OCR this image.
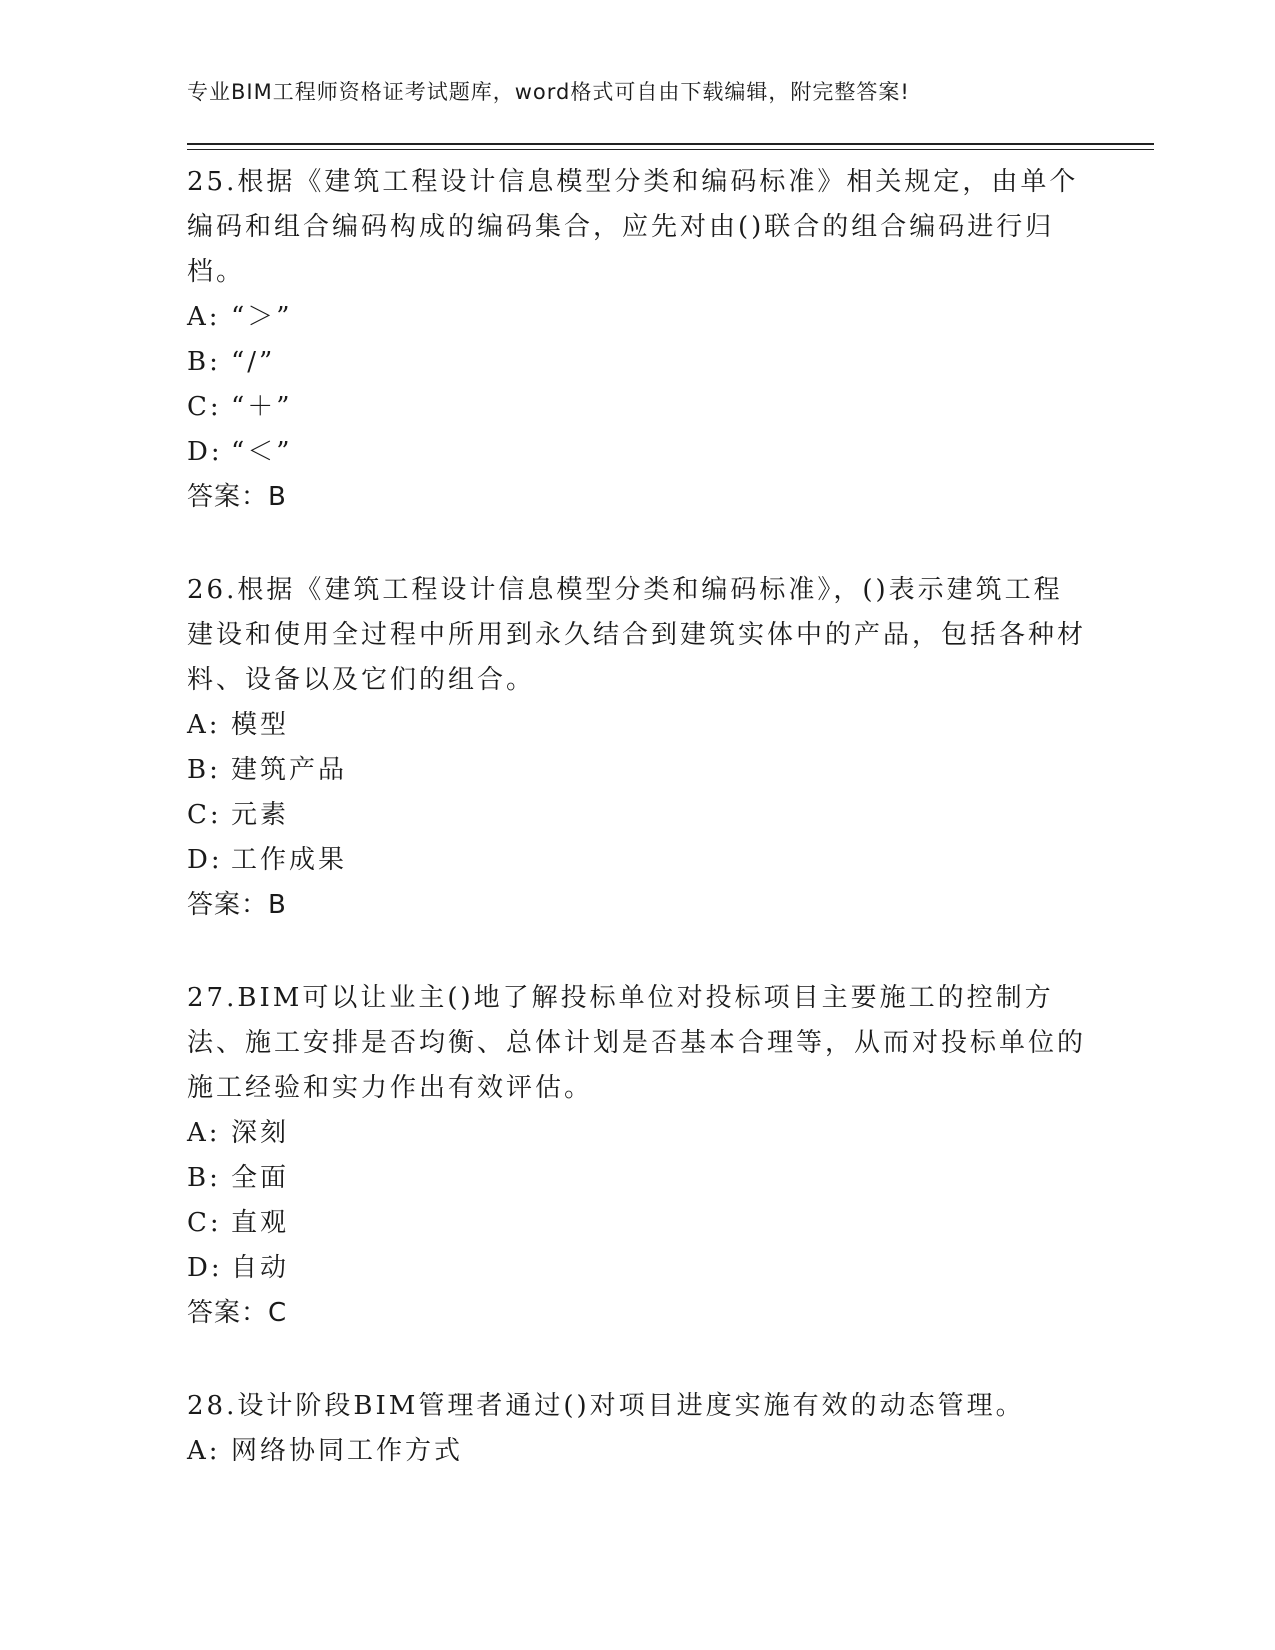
专业BIM工程师资格证考试题库，word格式可自由下载编辑，附完整答案!
25.根据《建筑工程设计信息模型分类和编码标准》相关规定，由单个编码和组合编码构成的编码集合，应先对由()联合的组合编码进行归档。
A: “＞”
B: “/”
C: “＋”
D: “＜”
答案：B
26.根据《建筑工程设计信息模型分类和编码标准》，()表示建筑工程建设和使用全过程中所用到永久结合到建筑实体中的产品，包括各种材料、设备以及它们的组合。
A: 模型
B: 建筑产品
C: 元素
D: 工作成果
答案：B
27.BIM可以让业主()地了解投标单位对投标项目主要施工的控制方法、施工安排是否均衡、总体计划是否基本合理等，从而对投标单位的施工经验和实力作出有效评估。
A: 深刻
B: 全面
C: 直观
D: 自动
答案：C
28.设计阶段BIM管理者通过()对项目进度实施有效的动态管理。
A: 网络协同工作方式
